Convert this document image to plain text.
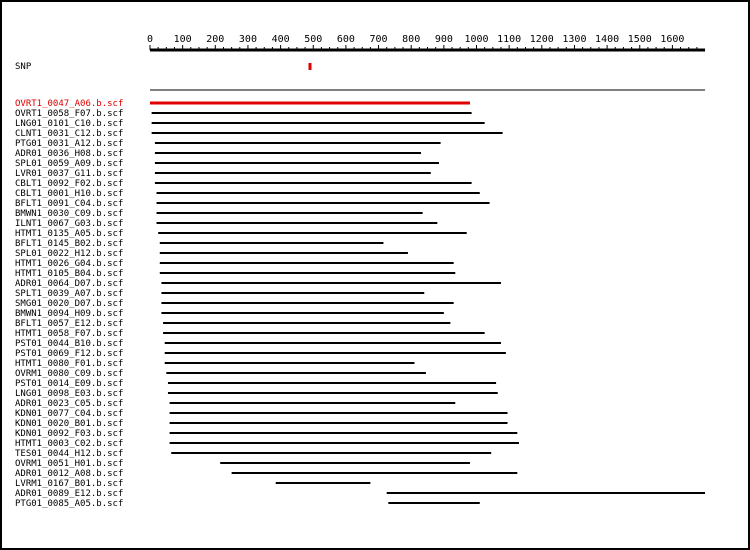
0 100 200 300 400 500 600 700 800 900 1000 1100 1200 1300 1400 1500 1600
SNP
OVRT1_0047_A06.b.scf
OVRT1_0058_F07.b.scf
LNG01_0101_C10.b.scf
CLNT1_0031_C12.b.scf
PTG01_0031_A12.b.scf
ADR01_0036_H08.b.scf
SPL01_0059_A09.b.scf
LVR01_0037_G11.b.scf
CBLT1_0092_F02.b.scf
CBLT1_0001_H10.b.scf
BFLT1_0091_C04.b.scf
BMWN1_0030_C09.b.scf
ILNT1_0067_G03.b.scf
HTMT1_0135_A05.b.scf
BFLT1_0145_B02.b.scf
SPL01_0022_H12.b.scf
HTMT1_0026_G04.b.scf
HTMT1_0105_B04.b.scf
ADR01_0064_D07.b.scf
SPLT1_0039_A07.b.scf
SMG01_0020_D07.b.scf
BMWN1_0094_H09.b.scf
BFLT1_0057_E12.b.scf
HTMT1_0058_F07.b.scf
PST01_0044_B10.b.scf
PST01_0069_F12.b.scf
HTMT1_0080_F01.b.scf
OVRM1_0080_C09.b.scf
PST01_0014_E09.b.scf
LNG01_0098_E03.b.scf
ADR01_0023_C05.b.scf
KDN01_0077_C04.b.scf
KDN01_0020_B01.b.scf
KDN01_0092_F03.b.scf
HTMT1_0003_C02.b.scf
TES01_0044_H12.b.scf
OVRM1_0051_H01.b.scf
ADR01_0012_A08.b.scf
LVRM1_0167_B01.b.scf
ADR01_0089_E12.b.scf
PTG01_0085_A05.b.scf
